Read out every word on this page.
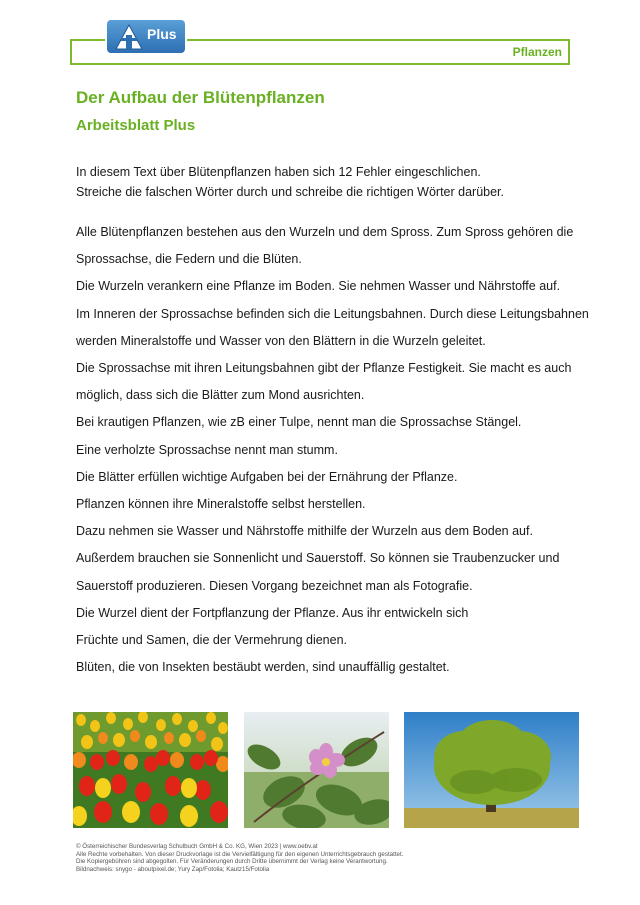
Pflanzen
Plus
Der Aufbau der Blütenpflanzen
Arbeitsblatt Plus

In diesem Text über Blütenpflanzen haben sich 12 Fehler eingeschlichen.

Streiche die falschen Wörter durch und schreibe die richtigen Wörter darüber.

Alle Blütenpflanzen bestehen aus den Wurzeln und dem Spross. Zum Spross gehören die

Sprossachse, die Federn und die Blüten.

Die Wurzeln verankern eine Pflanze im Boden. Sie nehmen Wasser und Nährstoffe auf.

Im Inneren der Sprossachse befinden sich die Leitungsbahnen. Durch diese Leitungsbahnen

werden Mineralstoffe und Wasser von den Blättern in die Wurzeln geleitet.

Die Sprossachse mit ihren Leitungsbahnen gibt der Pflanze Festigkeit. Sie macht es auch

möglich, dass sich die Blätter zum Mond ausrichten.

Bei krautigen Pflanzen, wie zB einer Tulpe, nennt man die Sprossachse Stängel.

Eine verholzte Sprossachse nennt man stumm.

Die Blätter erfüllen wichtige Aufgaben bei der Ernährung der Pflanze.

Pflanzen können ihre Mineralstoffe selbst herstellen.

Dazu nehmen sie Wasser und Nährstoffe mithilfe der Wurzeln aus dem Boden auf.

Außerdem brauchen sie Sonnenlicht und Sauerstoff. So können sie Traubenzucker und

Sauerstoff produzieren. Diesen Vorgang bezeichnet man als Fotografie.

Die Wurzel dient der Fortpflanzung der Pflanze. Aus ihr entwickeln sich

Früchte und Samen, die der Vermehrung dienen.

Blüten, die von Insekten bestäubt werden, sind unauffällig gestaltet.

© Österreichischer Bundesverlag Schulbuch GmbH & Co. KG, Wien 2023 | www.oebv.at

Alle Rechte vorbehalten. Von dieser Druckvorlage ist die Vervielfältigung für den eigenen Unterrichtsgebrauch gestattet.

Die Kopiergebühren sind abgegolten. Für Veränderungen durch Dritte übernimmt der Verlag keine Verantwortung.

Bildnachweis: snygo - aboutpixel.de; Yury Zap/Fotolia; Kautz15/Fotolia
